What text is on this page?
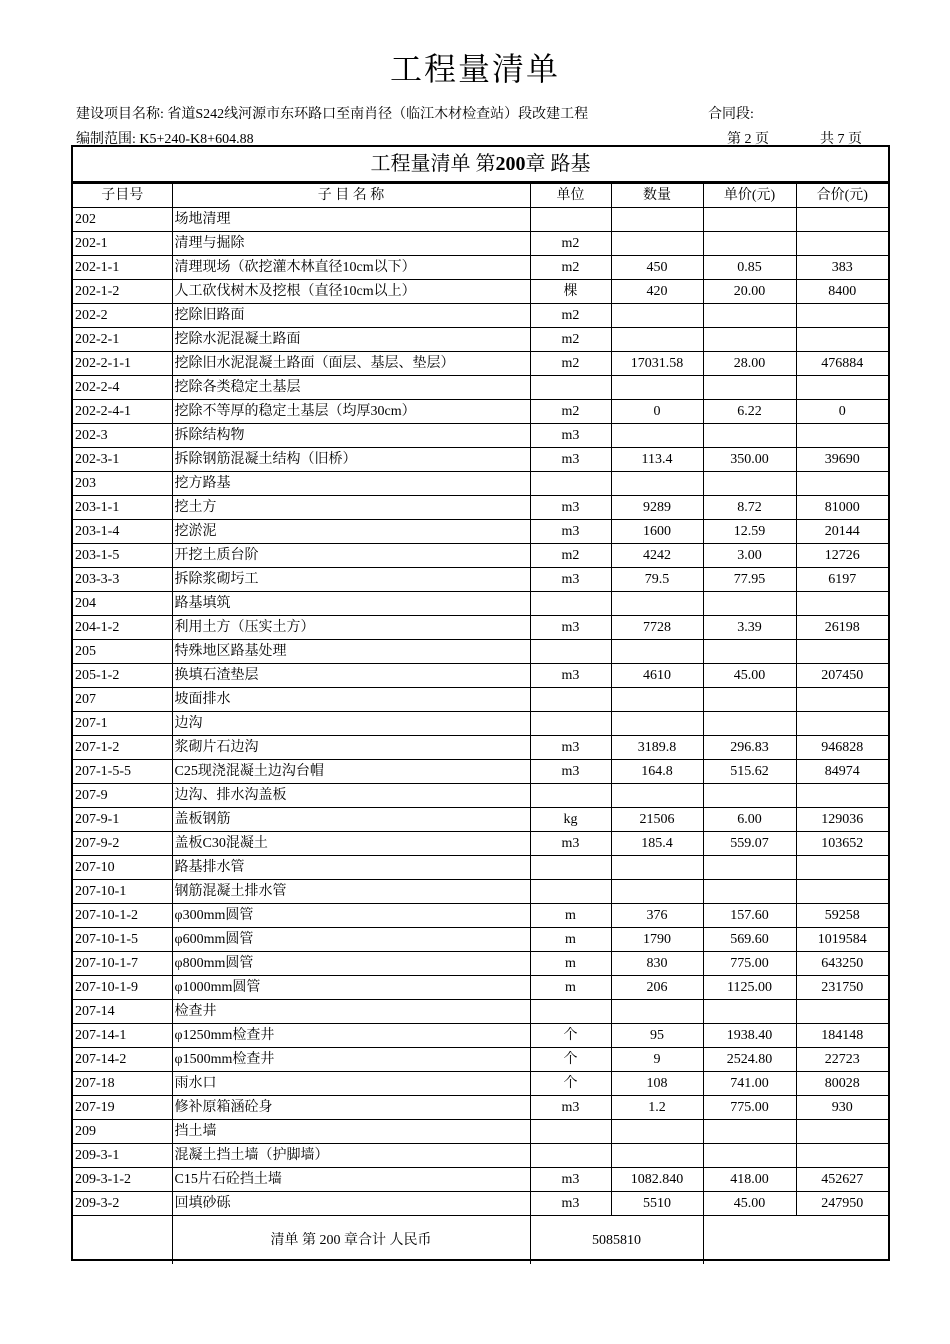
工程量清单
建设项目名称: 省道S242线河源市东环路口至南肖径（临江木材检查站）段改建工程	合同段:
编制范围: K5+240-K8+604.88	第 2 页	共 7 页
工程量清单 第200章 路基
子目号	子 目 名 称	单位	数量	单价(元)	合价(元)
202	场地清理				
202-1	清理与掘除	m2			
202-1-1	清理现场（砍挖灌木林直径10cm以下）	m2	450	0.85	383
202-1-2	人工砍伐树木及挖根（直径10cm以上）	棵	420	20.00	8400
202-2	挖除旧路面	m2			
202-2-1	挖除水泥混凝土路面	m2			
202-2-1-1	挖除旧水泥混凝土路面（面层、基层、垫层）	m2	17031.58	28.00	476884
202-2-4	挖除各类稳定土基层				
202-2-4-1	挖除不等厚的稳定土基层（均厚30cm）	m2	0	6.22	0
202-3	拆除结构物	m3			
202-3-1	拆除钢筋混凝土结构（旧桥）	m3	113.4	350.00	39690
203	挖方路基				
203-1-1	挖土方	m3	9289	8.72	81000
203-1-4	挖淤泥	m3	1600	12.59	20144
203-1-5	开挖土质台阶	m2	4242	3.00	12726
203-3-3	拆除浆砌圬工	m3	79.5	77.95	6197
204	路基填筑				
204-1-2	利用土方（压实土方）	m3	7728	3.39	26198
205	特殊地区路基处理				
205-1-2	换填石渣垫层	m3	4610	45.00	207450
207	坡面排水				
207-1	边沟				
207-1-2	浆砌片石边沟	m3	3189.8	296.83	946828
207-1-5-5	C25现浇混凝土边沟台帽	m3	164.8	515.62	84974
207-9	边沟、排水沟盖板				
207-9-1	盖板钢筋	kg	21506	6.00	129036
207-9-2	盖板C30混凝土	m3	185.4	559.07	103652
207-10	路基排水管				
207-10-1	钢筋混凝土排水管				
207-10-1-2	φ300mm圆管	m	376	157.60	59258
207-10-1-5	φ600mm圆管	m	1790	569.60	1019584
207-10-1-7	φ800mm圆管	m	830	775.00	643250
207-10-1-9	φ1000mm圆管	m	206	1125.00	231750
207-14	检查井				
207-14-1	φ1250mm检查井	个	95	1938.40	184148
207-14-2	φ1500mm检查井	个	9	2524.80	22723
207-18	雨水口	个	108	741.00	80028
207-19	修补原箱涵砼身	m3	1.2	775.00	930
209	挡土墙				
209-3-1	混凝土挡土墙（护脚墙）				
209-3-1-2	C15片石砼挡土墙	m3	1082.840	418.00	452627
209-3-2	回填砂砾	m3	5510	45.00	247950
	清单 第 200 章合计 人民币	5085810			
